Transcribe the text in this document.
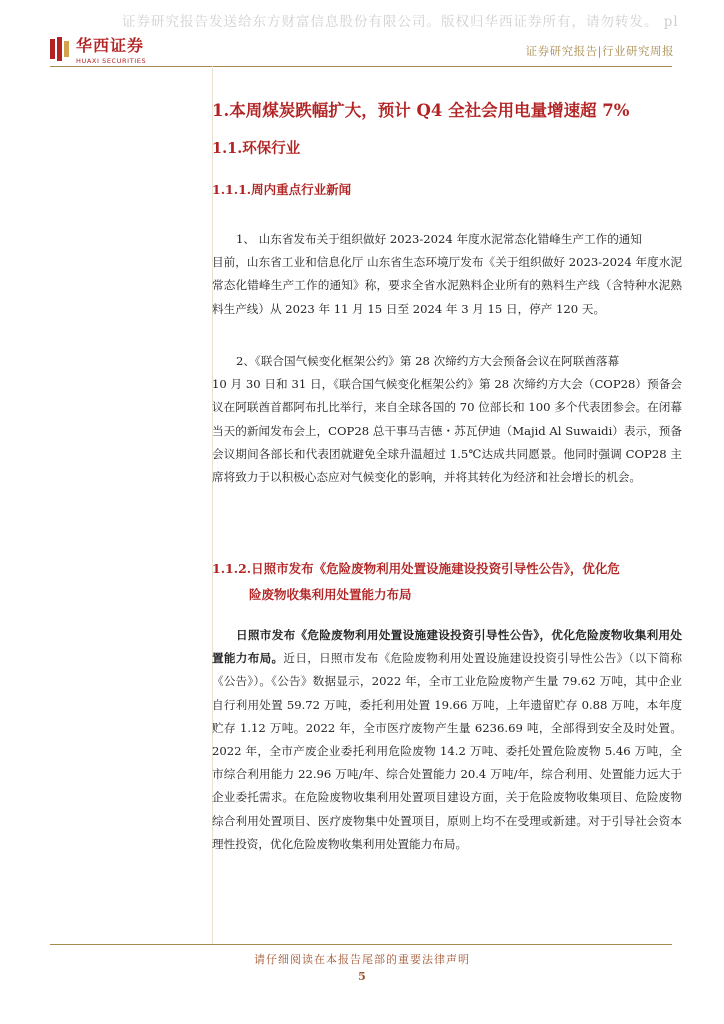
证券研究报告发送给东方财富信息股份有限公司。版权归华西证券所有，请勿转发。 pl
华西证券
HUAXI SECURITIES
证券研究报告|行业研究周报
1.本周煤炭跌幅扩大，预计 Q4 全社会用电量增速超 7%
1.1.环保行业
1.1.1.周内重点行业新闻
1、 山东省发布关于组织做好 2023-2024 年度水泥常态化错峰生产工作的通知
目前，山东省工业和信息化厅 山东省生态环境厅发布《关于组织做好 2023-2024 年度水泥常态化错峰生产工作的通知》称，要求全省水泥熟料企业所有的熟料生产线（含特种水泥熟料生产线）从 2023 年 11 月 15 日至 2024 年 3 月 15 日，停产 120 天。
2、《联合国气候变化框架公约》第 28 次缔约方大会预备会议在阿联酋落幕
10 月 30 日和 31 日，《联合国气候变化框架公约》第 28 次缔约方大会（COP28）预备会议在阿联酋首都阿布扎比举行，来自全球各国的 70 位部长和 100 多个代表团参会。在闭幕当天的新闻发布会上，COP28 总干事马吉德・苏瓦伊迪（Majid Al Suwaidi）表示，预备会议期间各部长和代表团就避免全球升温超过 1.5℃达成共同愿景。他同时强调 COP28 主席将致力于以积极心态应对气候变化的影响，并将其转化为经济和社会增长的机会。
1.1.2.日照市发布《危险废物利用处置设施建设投资引导性公告》，优化危
险废物收集利用处置能力布局
日照市发布《危险废物利用处置设施建设投资引导性公告》，优化危险废物收集利用处置能力布局。近日，日照市发布《危险废物利用处置设施建设投资引导性公告》（以下简称《公告》）。《公告》数据显示，2022 年，全市工业危险废物产生量 79.62 万吨，其中企业自行利用处置 59.72 万吨，委托利用处置 19.66 万吨，上年遗留贮存 0.88 万吨，本年度贮存 1.12 万吨。2022 年，全市医疗废物产生量 6236.69 吨，全部得到安全及时处置。2022 年，全市产废企业委托利用危险废物 14.2 万吨、委托处置危险废物 5.46 万吨，全市综合利用能力 22.96 万吨/年、综合处置能力 20.4 万吨/年，综合利用、处置能力远大于企业委托需求。在危险废物收集利用处置项目建设方面，关于危险废物收集项目、危险废物综合利用处置项目、医疗废物集中处置项目，原则上均不在受理或新建。对于引导社会资本理性投资，优化危险废物收集利用处置能力布局。
请仔细阅读在本报告尾部的重要法律声明
5
